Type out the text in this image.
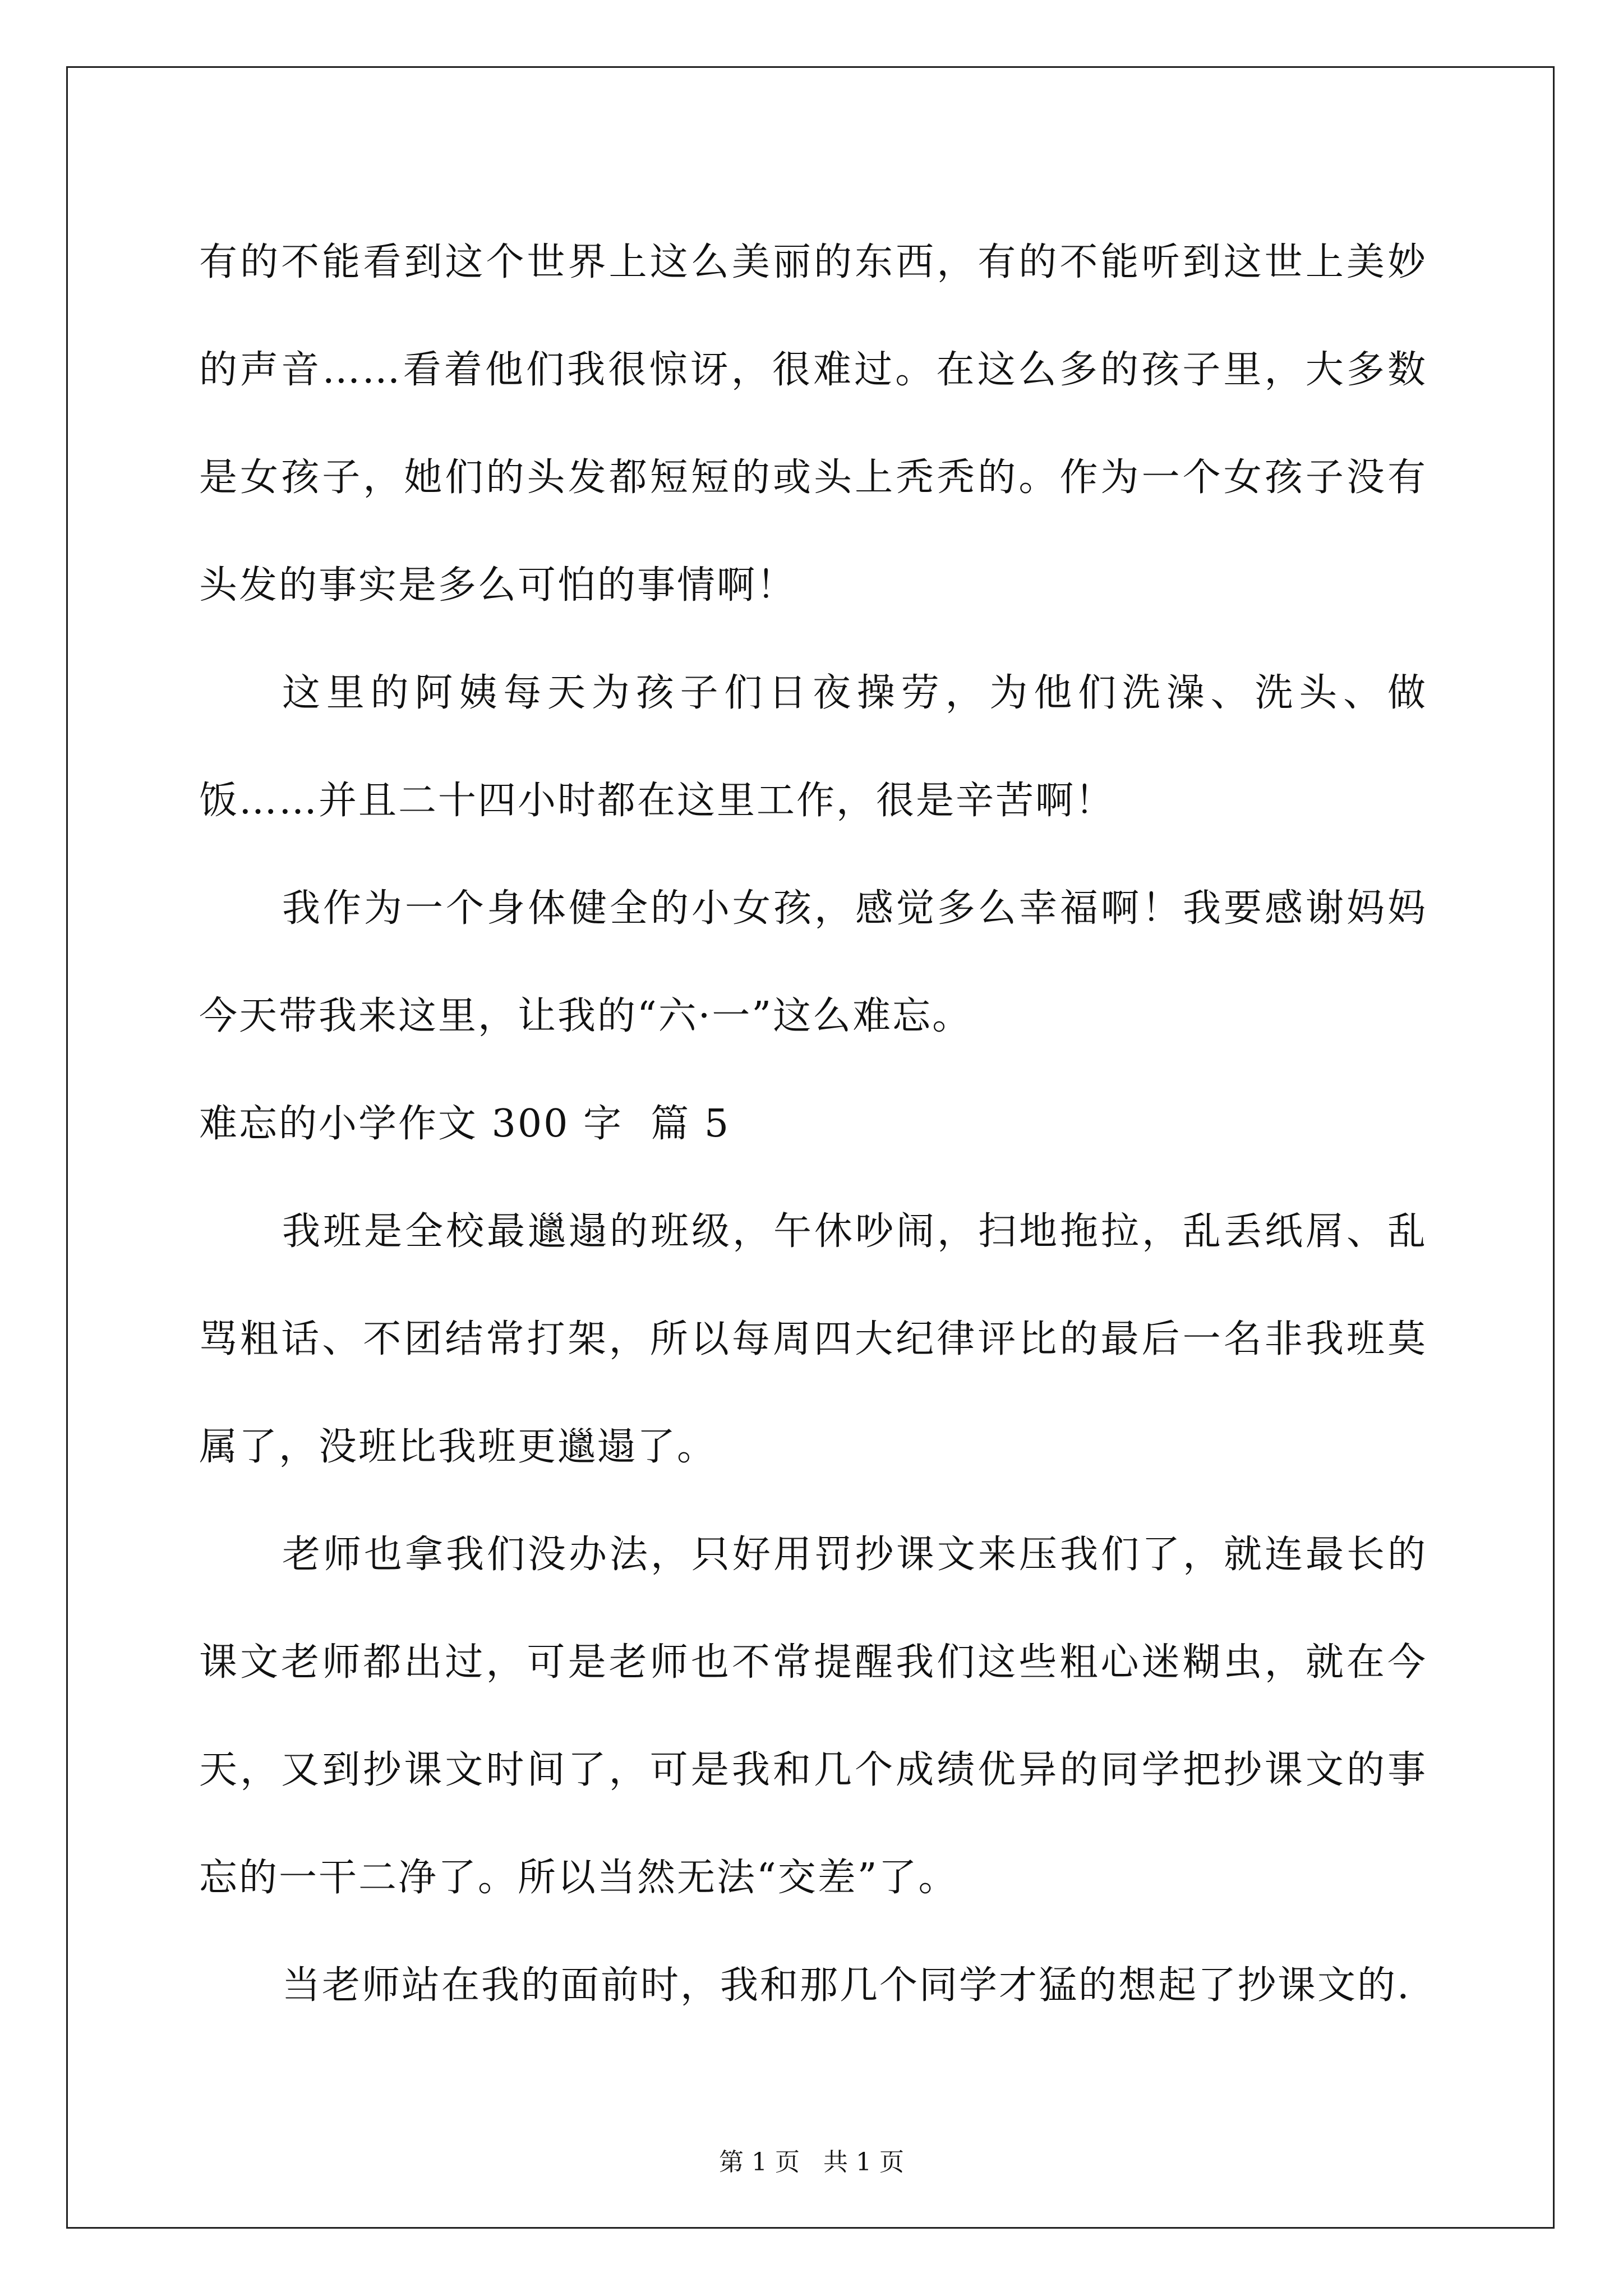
有的不能看到这个世界上这么美丽的东西，有的不能听到这世上美妙的声音……看着他们我很惊讶，很难过。在这么多的孩子里，大多数是女孩子，她们的头发都短短的或头上秃秃的。作为一个女孩子没有头发的事实是多么可怕的事情啊！

这里的阿姨每天为孩子们日夜操劳，为他们洗澡、洗头、做饭……并且二十四小时都在这里工作，很是辛苦啊！

我作为一个身体健全的小女孩，感觉多么幸福啊！我要感谢妈妈今天带我来这里，让我的“六·一”这么难忘。

难忘的小学作文 300 字  篇 5

我班是全校最邋遢的班级，午休吵闹，扫地拖拉，乱丢纸屑、乱骂粗话、不团结常打架，所以每周四大纪律评比的最后一名非我班莫属了，没班比我班更邋遢了。

老师也拿我们没办法，只好用罚抄课文来压我们了，就连最长的课文老师都出过，可是老师也不常提醒我们这些粗心迷糊虫，就在今天，又到抄课文时间了，可是我和几个成绩优异的同学把抄课文的事忘的一干二净了。所以当然无法“交差”了。

当老师站在我的面前时，我和那几个同学才猛的想起了抄课文的.

第 1 页   共 1 页
